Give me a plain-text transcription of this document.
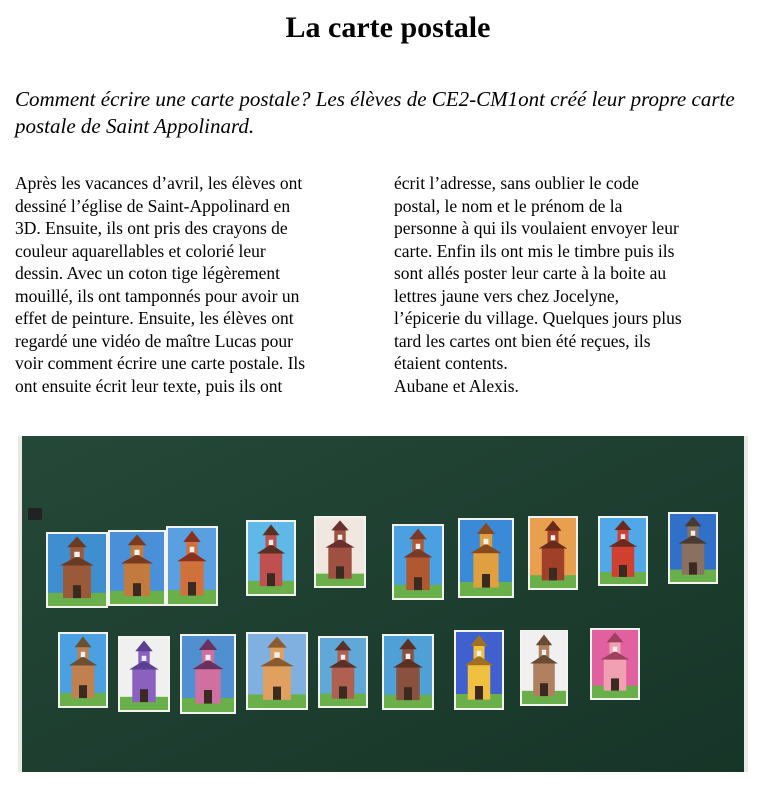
La carte postale

Comment écrire une carte postale? Les élèves de CE2-CM1ont créé leur propre carte postale de Saint Appolinard.

Après les vacances d’avril, les élèves ont
dessiné l’église de Saint-Appolinard en
3D. Ensuite, ils ont pris des crayons de
couleur aquarellables et colorié leur
dessin. Avec un coton tige légèrement
mouillé, ils ont tamponnés pour avoir un
effet de peinture. Ensuite, les élèves ont
regardé une vidéo de maître Lucas pour
voir comment écrire une carte postale. Ils
ont ensuite écrit leur texte, puis ils ont
écrit l’adresse, sans oublier le code
postal, le nom et le prénom de la
personne à qui ils voulaient envoyer leur
carte. Enfin ils ont mis le timbre puis ils
sont allés poster leur carte à la boite au
lettres jaune vers chez Jocelyne,
l’épicerie du village. Quelques jours plus
tard les cartes ont bien été reçues, ils
étaient contents.
Aubane et Alexis.
